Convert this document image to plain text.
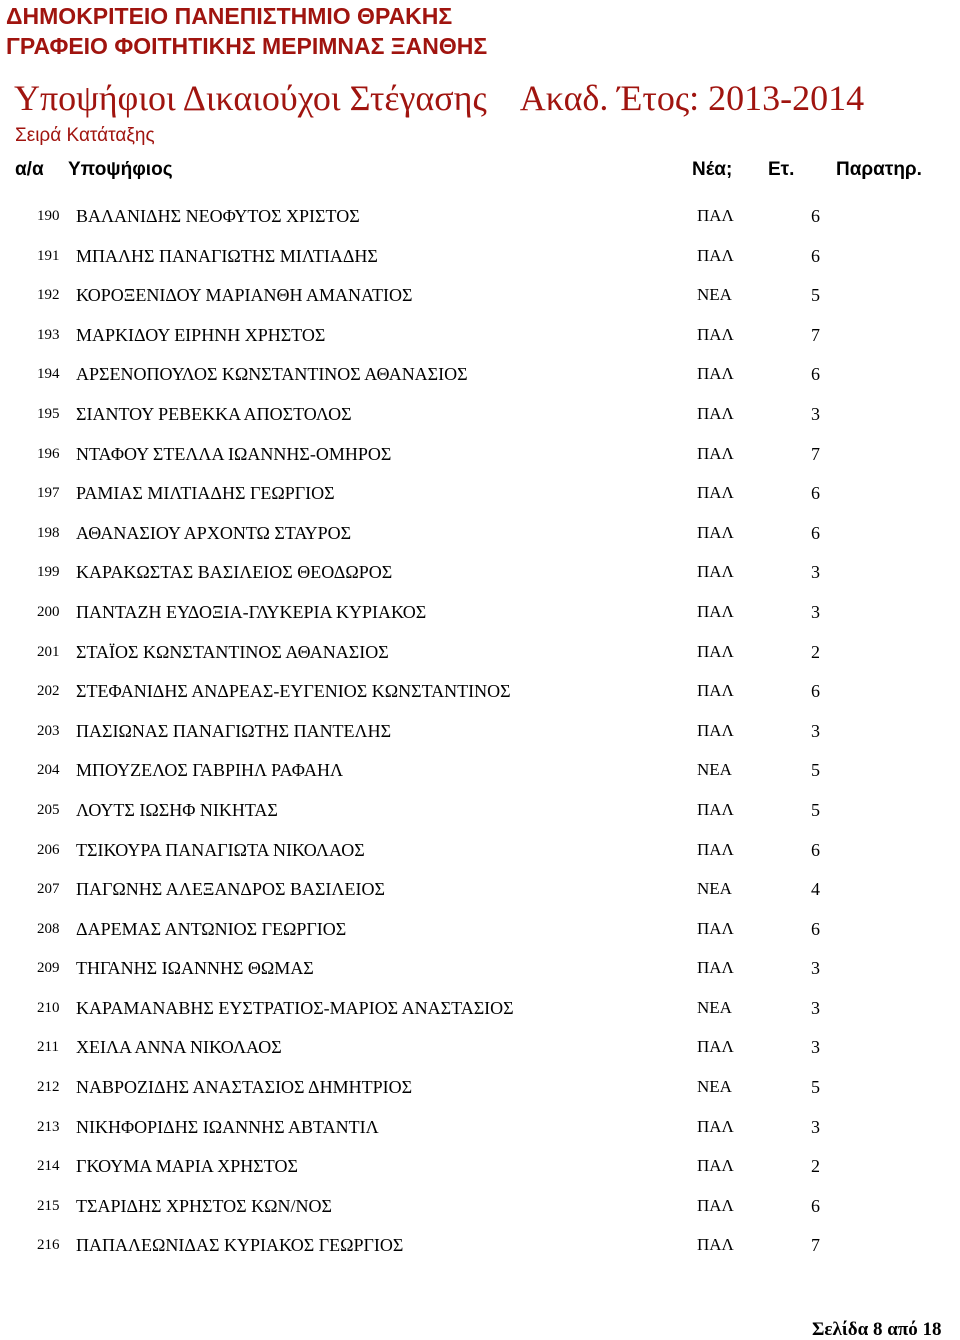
ΔΗΜΟΚΡΙΤΕΙΟ ΠΑΝΕΠΙΣΤΗΜΙΟ ΘΡΑΚΗΣ
ΓΡΑΦΕΙΟ ΦΟΙΤΗΤΙΚΗΣ ΜΕΡΙΜΝΑΣ ΞΑΝΘΗΣ
Υποψήφιοι Δικαιούχοι Στέγασης Ακαδ. Έτος: 2013-2014
Σειρά Κατάταξης
α/α Υποψήφιος	Νέα; Ετ. Παρατηρ.
190 ΒΑΛΑΝΙΔΗΣ ΝΕΟΦΥΤΟΣ ΧΡΙΣΤΟΣ	ΠΑΛ	6
191 ΜΠΑΛΗΣ ΠΑΝΑΓΙΩΤΗΣ ΜΙΛΤΙΑΔΗΣ	ΠΑΛ	6
192 ΚΟΡΟΞΕΝΙΔΟΥ ΜΑΡΙΑΝΘΗ ΑΜΑΝΑΤΙΟΣ	ΝΕΑ	5
193 ΜΑΡΚΙΔΟΥ ΕΙΡΗΝΗ ΧΡΗΣΤΟΣ	ΠΑΛ	7
194 ΑΡΣΕΝΟΠΟΥΛΟΣ ΚΩΝΣΤΑΝΤΙΝΟΣ ΑΘΑΝΑΣΙΟΣ	ΠΑΛ	6
195 ΣΙΑΝΤΟΥ ΡΕΒΕΚΚΑ ΑΠΟΣΤΟΛΟΣ	ΠΑΛ	3
196 ΝΤΑΦΟΥ ΣΤΕΛΛΑ ΙΩΑΝΝΗΣ-ΟΜΗΡΟΣ	ΠΑΛ	7
197 ΡΑΜΙΑΣ ΜΙΛΤΙΑΔΗΣ ΓΕΩΡΓΙΟΣ	ΠΑΛ	6
198 ΑΘΑΝΑΣΙΟΥ ΑΡΧΟΝΤΩ ΣΤΑΥΡΟΣ	ΠΑΛ	6
199 ΚΑΡΑΚΩΣΤΑΣ ΒΑΣΙΛΕΙΟΣ ΘΕΟΔΩΡΟΣ	ΠΑΛ	3
200 ΠΑΝΤΑΖΗ ΕΥΔΟΞΙΑ-ΓΛΥΚΕΡΙΑ ΚΥΡΙΑΚΟΣ	ΠΑΛ	3
201 ΣΤΑΪΟΣ ΚΩΝΣΤΑΝΤΙΝΟΣ ΑΘΑΝΑΣΙΟΣ	ΠΑΛ	2
202 ΣΤΕΦΑΝΙΔΗΣ ΑΝΔΡΕΑΣ-ΕΥΓΕΝΙΟΣ ΚΩΝΣΤΑΝΤΙΝΟΣ	ΠΑΛ	6
203 ΠΑΣΙΩΝΑΣ ΠΑΝΑΓΙΩΤΗΣ ΠΑΝΤΕΛΗΣ	ΠΑΛ	3
204 ΜΠΟΥΖΕΛΟΣ ΓΑΒΡΙΗΛ ΡΑΦΑΗΛ	ΝΕΑ	5
205 ΛΟΥΤΣ ΙΩΣΗΦ ΝΙΚΗΤΑΣ	ΠΑΛ	5
206 ΤΣΙΚΟΥΡΑ ΠΑΝΑΓΙΩΤΑ ΝΙΚΟΛΑΟΣ	ΠΑΛ	6
207 ΠΑΓΩΝΗΣ ΑΛΕΞΑΝΔΡΟΣ ΒΑΣΙΛΕΙΟΣ	ΝΕΑ	4
208 ΔΑΡΕΜΑΣ ΑΝΤΩΝΙΟΣ ΓΕΩΡΓΙΟΣ	ΠΑΛ	6
209 ΤΗΓΑΝΗΣ ΙΩΑΝΝΗΣ ΘΩΜΑΣ	ΠΑΛ	3
210 ΚΑΡΑΜΑΝΑΒΗΣ ΕΥΣΤΡΑΤΙΟΣ-ΜΑΡΙΟΣ ΑΝΑΣΤΑΣΙΟΣ	ΝΕΑ	3
211 ΧΕΙΛΑ ΑΝΝΑ ΝΙΚΟΛΑΟΣ	ΠΑΛ	3
212 ΝΑΒΡΟΖΙΔΗΣ ΑΝΑΣΤΑΣΙΟΣ ΔΗΜΗΤΡΙΟΣ	ΝΕΑ	5
213 ΝΙΚΗΦΟΡΙΔΗΣ ΙΩΑΝΝΗΣ ΑΒΤΑΝΤΙΛ	ΠΑΛ	3
214 ΓΚΟΥΜΑ ΜΑΡΙΑ ΧΡΗΣΤΟΣ	ΠΑΛ	2
215 ΤΣΑΡΙΔΗΣ ΧΡΗΣΤΟΣ ΚΩΝ/ΝΟΣ	ΠΑΛ	6
216 ΠΑΠΑΛΕΩΝΙΔΑΣ ΚΥΡΙΑΚΟΣ ΓΕΩΡΓΙΟΣ	ΠΑΛ	7
Σελίδα 8 από 18
